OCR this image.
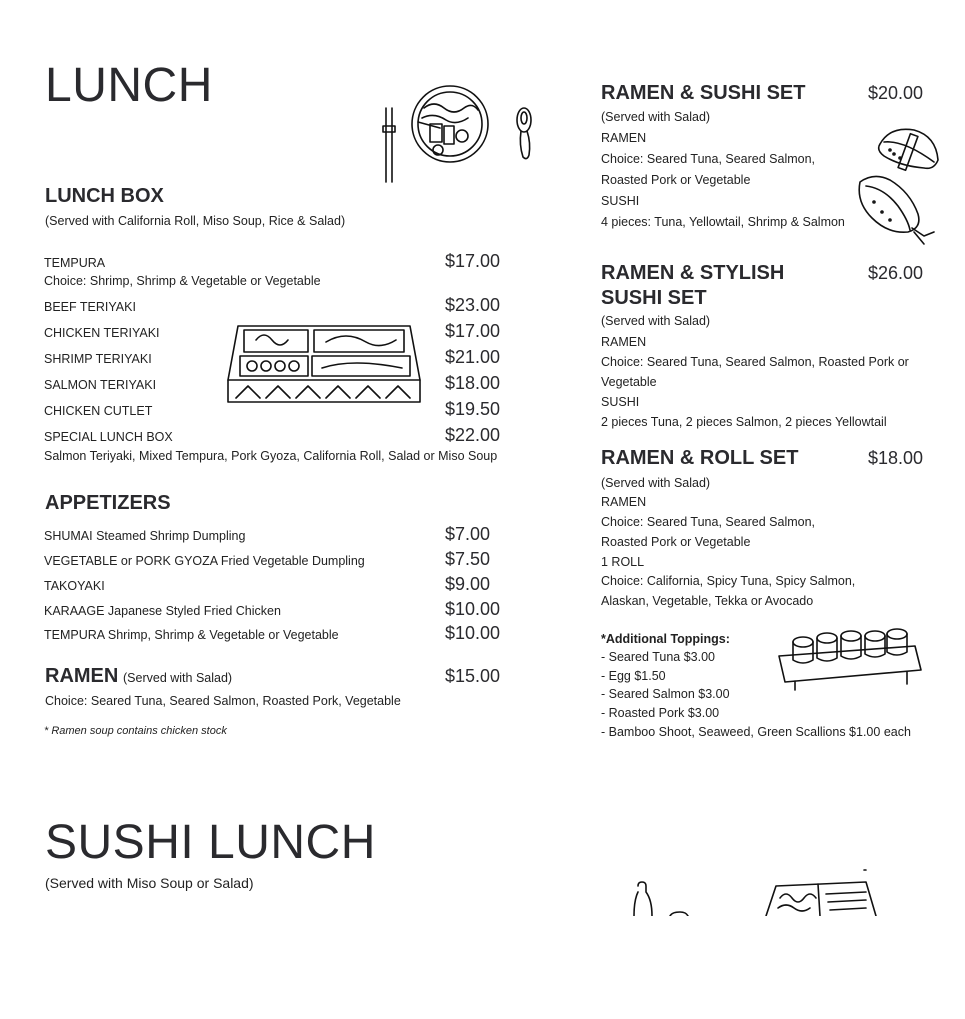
LUNCH
LUNCH BOX
(Served with California Roll, Miso Soup, Rice & Salad)
TEMPURA	$17.00
Choice: Shrimp, Shrimp & Vegetable or Vegetable
BEEF TERIYAKI	$23.00
CHICKEN TERIYAKI	$17.00
SHRIMP TERIYAKI	$21.00
SALMON TERIYAKI	$18.00
CHICKEN CUTLET	$19.50
SPECIAL LUNCH BOX	$22.00
Salmon Teriyaki, Mixed Tempura, Pork Gyoza, California Roll, Salad or Miso Soup
APPETIZERS
SHUMAI Steamed Shrimp Dumpling	$7.00
VEGETABLE or PORK GYOZA Fried Vegetable Dumpling	$7.50
TAKOYAKI	$9.00
KARAAGE Japanese Styled Fried Chicken	$10.00
TEMPURA Shrimp, Shrimp & Vegetable or Vegetable	$10.00
RAMEN (Served with Salad)	$15.00
Choice: Seared Tuna, Seared Salmon, Roasted Pork, Vegetable
* Ramen soup contains chicken stock
RAMEN & SUSHI SET	$20.00
(Served with Salad)
RAMEN
Choice: Seared Tuna, Seared Salmon,
Roasted Pork or Vegetable
SUSHI
4 pieces: Tuna, Yellowtail, Shrimp & Salmon
RAMEN & STYLISH
SUSHI SET
$26.00
(Served with Salad)
RAMEN
Choice: Seared Tuna, Seared Salmon, Roasted Pork or
Vegetable
SUSHI
2 pieces Tuna, 2 pieces Salmon, 2 pieces Yellowtail
RAMEN & ROLL SET	$18.00
(Served with Salad)
RAMEN
Choice: Seared Tuna, Seared Salmon,
Roasted Pork or Vegetable
1 ROLL
Choice: California, Spicy Tuna, Spicy Salmon,
Alaskan, Vegetable, Tekka or Avocado
*Additional Toppings:
- Seared Tuna $3.00
- Egg $1.50
- Seared Salmon $3.00
- Roasted Pork $3.00
- Bamboo Shoot, Seaweed, Green Scallions $1.00 each
SUSHI LUNCH
(Served with Miso Soup or Salad)
